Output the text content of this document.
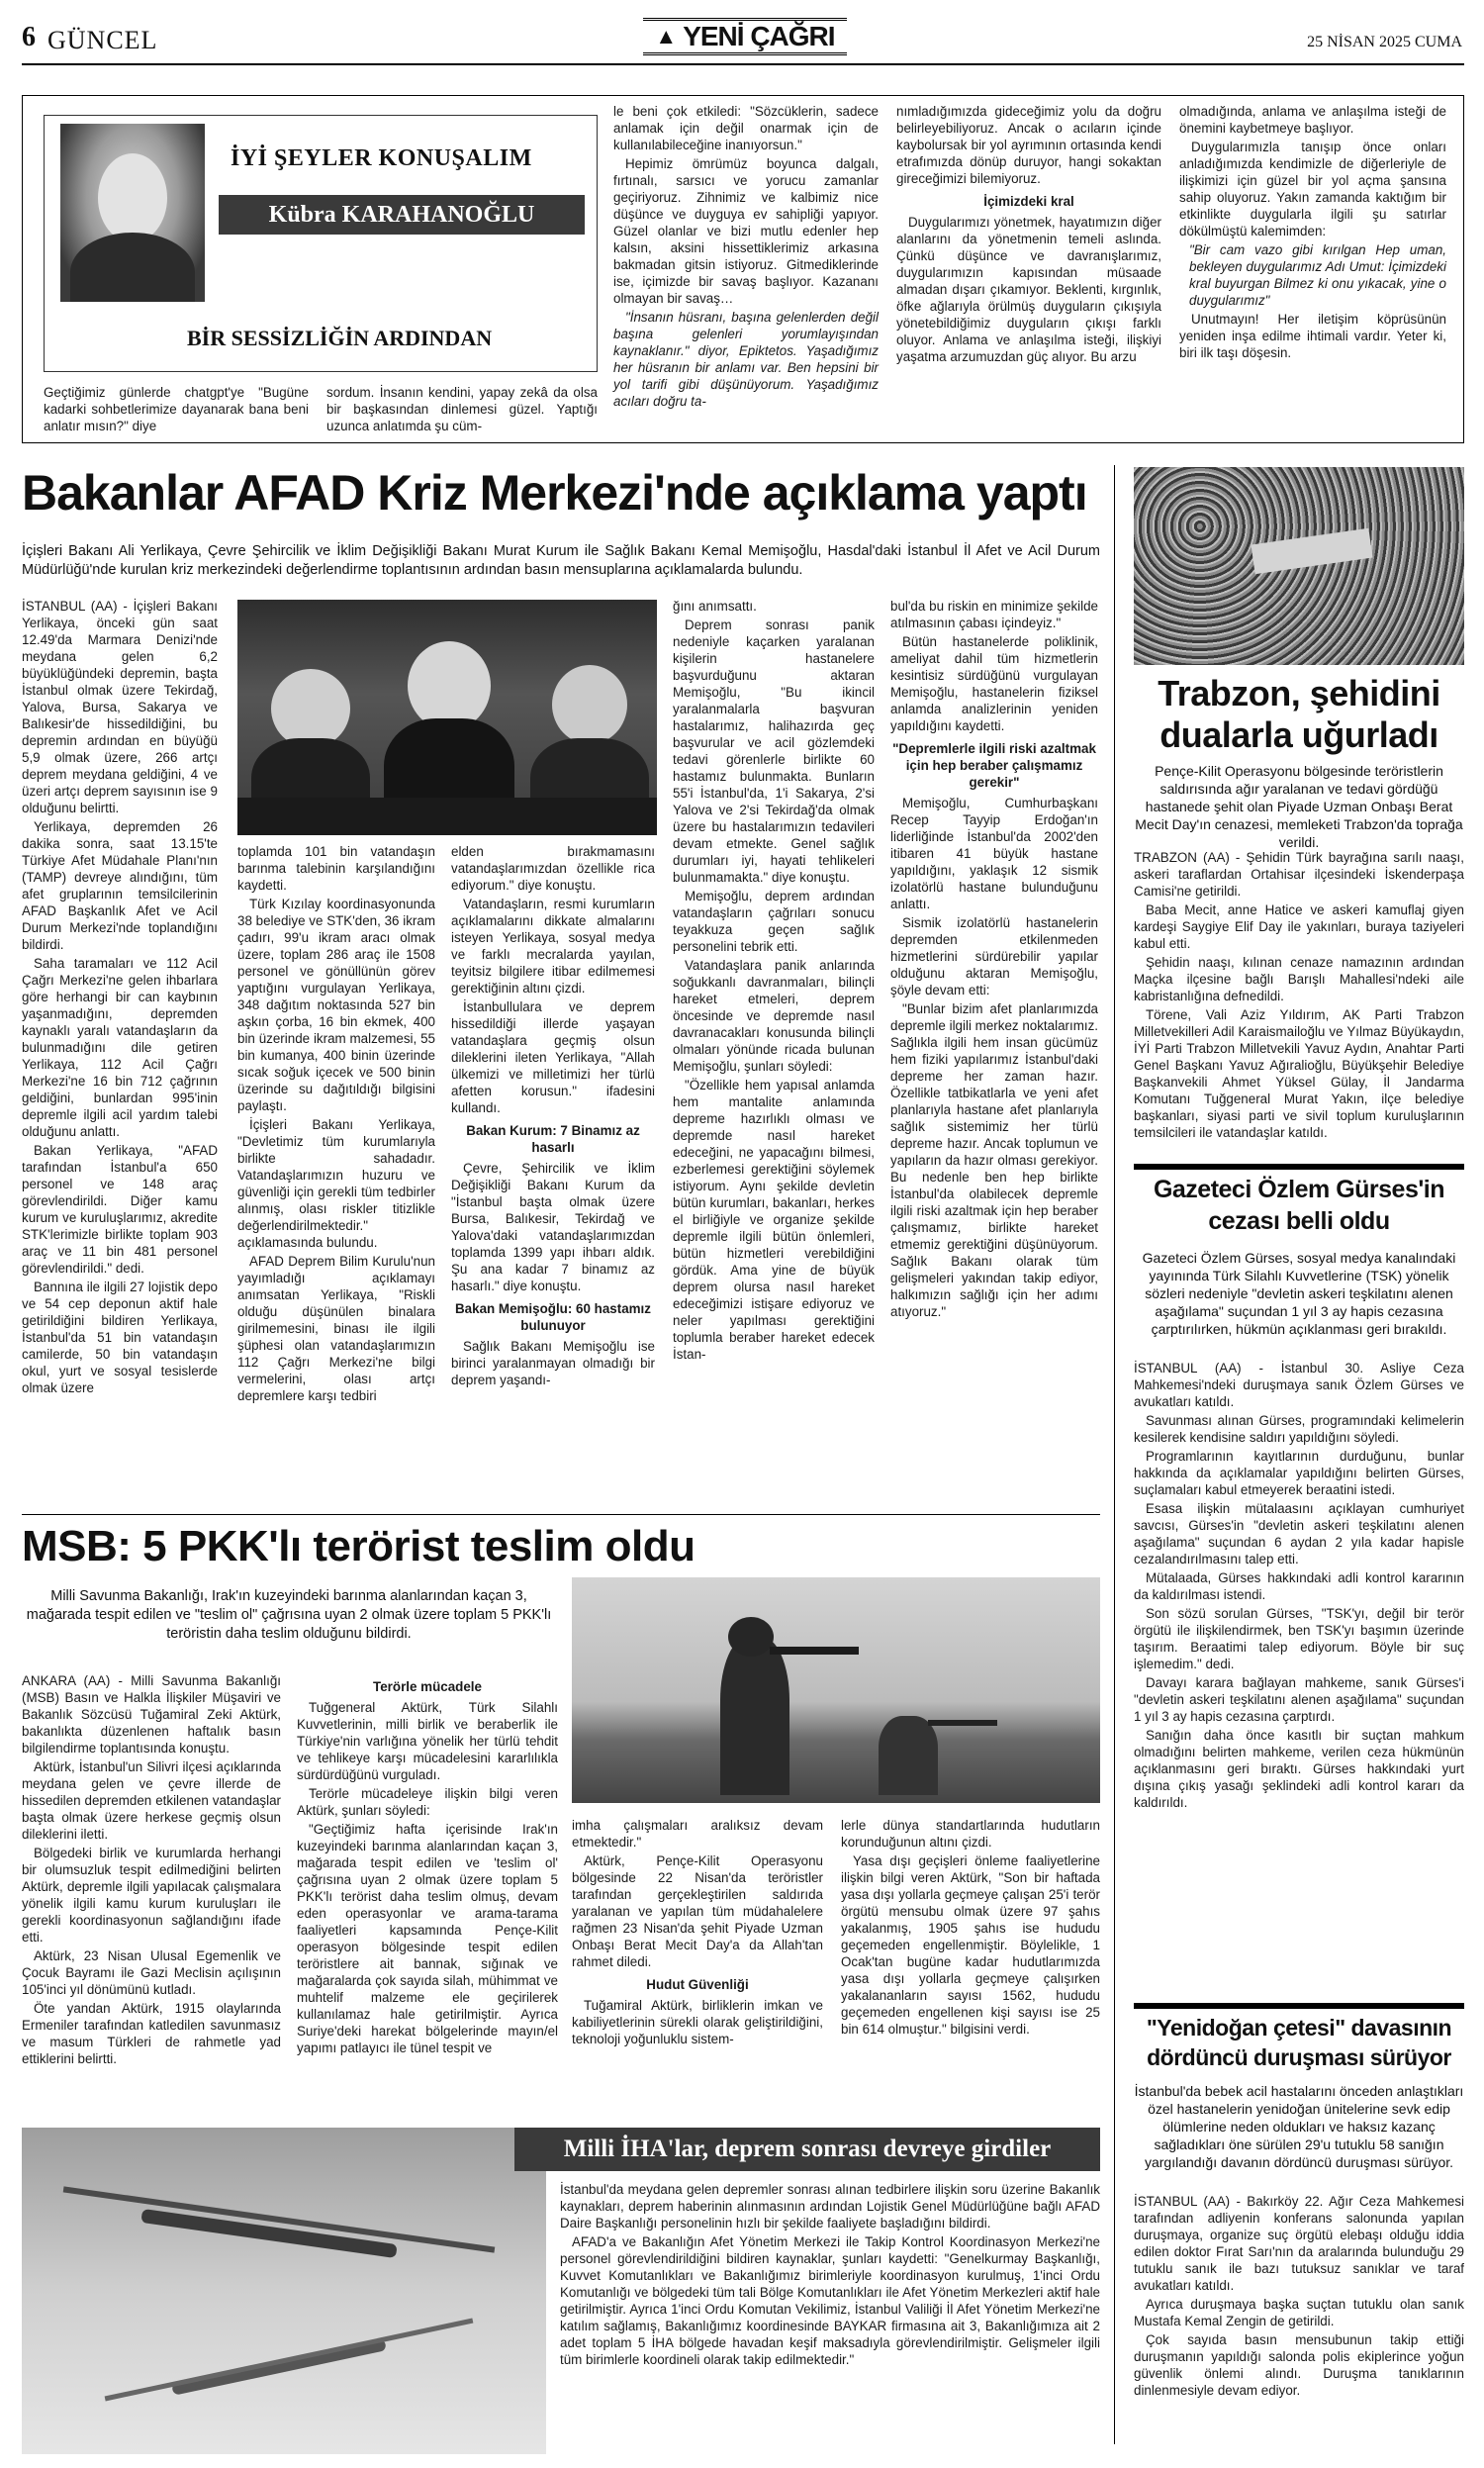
6 GÜNCEL	▲ YENİ ÇAĞRI	25 NİSAN 2025 CUMA
İYİ ŞEYLER KONUŞALIM
Kübra KARAHANOĞLU
BİR SESSİZLİĞİN ARDINDAN
Geçtiğimiz günlerde chatgpt'ye "Bugüne kadarki sohbetlerimize dayanarak bana beni anlatır mısın?" diye
sordum. İnsanın kendini, yapay zekâ da olsa bir başkasından dinlemesi güzel. Yaptığı uzunca anlatımda şu cüm-

le beni çok etkiledi: "Sözcüklerin, sadece anlamak için değil onarmak için de kullanılabileceğine inanıyorsun."

Hepimiz ömrümüz boyunca dalgalı, fırtınalı, sarsıcı ve yorucu zamanlar geçiriyoruz. Zihnimiz ve kalbimiz nice düşünce ve duyguya ev sahipliği yapıyor. Güzel olanlar ve bizi mutlu edenler hep kalsın, aksini hissettiklerimiz arkasına bakmadan gitsin istiyoruz. Gitmediklerinde ise, içimizde bir savaş başlıyor. Kazananı olmayan bir savaş…

"İnsanın hüsranı, başına gelenlerden değil başına gelenleri yorumlayışından kaynaklanır." diyor, Epiktetos. Yaşadığımız her hüsranın bir anlamı var. Ben hepsini bir yol tarifi gibi düşünüyorum. Yaşadığımız acıları doğru ta-

nımladığımızda gideceğimiz yolu da doğru belirleyebiliyoruz. Ancak o acıların içinde kaybolursak bir yol ayrımının ortasında kendi etrafımızda dönüp duruyor, hangi sokaktan gireceğimizi bilemiyoruz.

İçimizdeki kral

Duygularımızı yönetmek, hayatımızın diğer alanlarını da yönetmenin temeli aslında. Çünkü düşünce ve davranışlarımız, duygularımızın kapısından müsaade almadan dışarı çıkamıyor. Beklenti, kırgınlık, öfke ağlarıyla örülmüş duyguların çıkışıyla yönetebildiğimiz duyguların çıkışı farklı oluyor. Anlama ve anlaşılma isteği, ilişkiyi yaşatma arzumuzdan güç alıyor. Bu arzu

olmadığında, anlama ve anlaşılma isteği de önemini kaybetmeye başlıyor.

Duygularımızla tanışıp önce onları anladığımızda kendimizle de diğerleriyle de ilişkimizi için güzel bir yol açma şansına sahip oluyoruz. Yakın zamanda kaktığım bir etkinlikte duygularla ilgili şu satırlar dökülmüştü kalemimden:

"Bir cam vazo gibi kırılgan Hep uman, bekleyen duygularımız Adı Umut: İçimizdeki kral buyurgan Bilmez ki onu yıkacak, yine o duygularımız"

Unutmayın! Her iletişim köprüsünün yeniden inşa edilme ihtimali vardır. Yeter ki, biri ilk taşı döşesin.

Bakanlar AFAD Kriz Merkezi'nde açıklama yaptı
İçişleri Bakanı Ali Yerlikaya, Çevre Şehircilik ve İklim Değişikliği Bakanı Murat Kurum ile Sağlık Bakanı Kemal Memişoğlu, Hasdal'daki İstanbul İl Afet ve Acil Durum Müdürlüğü'nde kurulan kriz merkezindeki değerlendirme toplantısının ardından basın mensuplarına açıklamalarda bulundu.

İSTANBUL (AA) - İçişleri Bakanı Yerlikaya, önceki gün saat 12.49'da Marmara Denizi'nde meydana gelen 6,2 büyüklüğündeki depremin, başta İstanbul olmak üzere Tekirdağ, Yalova, Bursa, Sakarya ve Balıkesir'de hissedildiğini, bu depremin ardından en büyüğü 5,9 olmak üzere, 266 artçı deprem meydana geldiğini, 4 ve üzeri artçı deprem sayısının ise 9 olduğunu belirtti.

Yerlikaya, depremden 26 dakika sonra, saat 13.15'te Türkiye Afet Müdahale Planı'nın (TAMP) devreye alındığını, tüm afet gruplarının temsilcilerinin AFAD Başkanlık Afet ve Acil Durum Merkezi'nde toplandığını bildirdi.

Saha taramaları ve 112 Acil Çağrı Merkezi'ne gelen ihbarlara göre herhangi bir can kaybının yaşanmadığını, depremden kaynaklı yaralı vatandaşların da bulunmadığını dile getiren Yerlikaya, 112 Acil Çağrı Merkezi'ne 16 bin 712 çağrının geldiğini, bunlardan 995'inin depremle ilgili acil yardım talebi olduğunu anlattı.

Bakan Yerlikaya, "AFAD tarafından İstanbul'a 650 personel ve 148 araç görevlendirildi. Diğer kamu kurum ve kuruluşlarımız, akredite STK'lerimizle birlikte toplam 903 araç ve 11 bin 481 personel görevlendirildi." dedi.

Bannına ile ilgili 27 lojistik depo ve 54 cep deponun aktif hale getirildiğini bildiren Yerlikaya, İstanbul'da 51 bin vatandaşın camilerde, 50 bin vatandaşın okul, yurt ve sosyal tesislerde olmak üzere

toplamda 101 bin vatandaşın barınma talebinin karşılandığını kaydetti.

Türk Kızılay koordinasyonunda 38 belediye ve STK'den, 36 ikram çadırı, 99'u ikram aracı olmak üzere, toplam 286 araç ile 1508 personel ve gönüllünün görev yaptığını vurgulayan Yerlikaya, 348 dağıtım noktasında 527 bin aşkın çorba, 16 bin ekmek, 400 bin üzerinde ikram malzemesi, 55 bin kumanya, 400 binin üzerinde sıcak soğuk içecek ve 500 binin üzerinde su dağıtıldığı bilgisini paylaştı.

İçişleri Bakanı Yerlikaya, "Devletimiz tüm kurumlarıyla birlikte sahadadır. Vatandaşlarımızın huzuru ve güvenliği için gerekli tüm tedbirler alınmış, olası riskler titizlikle değerlendirilmektedir." açıklamasında bulundu.

AFAD Deprem Bilim Kurulu'nun yayımladığı açıklamayı anımsatan Yerlikaya, "Riskli olduğu düşünülen binalara girilmemesini, binası ile ilgili şüphesi olan vatandaşlarımızın 112 Çağrı Merkezi'ne bilgi vermelerini, olası artçı depremlere karşı tedbiri

elden bırakmamasını vatandaşlarımızdan özellikle rica ediyorum." diye konuştu.

Vatandaşların, resmi kurumların açıklamalarını dikkate almalarını isteyen Yerlikaya, sosyal medya ve farklı mecralarda yayılan, teyitsiz bilgilere itibar edilmemesi gerektiğinin altını çizdi.

İstanbullulara ve deprem hissedildiği illerde yaşayan vatandaşlara geçmiş olsun dileklerini ileten Yerlikaya, "Allah ülkemizi ve milletimizi her türlü afetten korusun." ifadesini kullandı.

Bakan Kurum: 7 Binamız az hasarlı

Çevre, Şehircilik ve İklim Değişikliği Bakanı Kurum da "İstanbul başta olmak üzere Bursa, Balıkesir, Tekirdağ ve Yalova'daki vatandaşlarımızdan toplamda 1399 yapı ihbarı aldık. Şu ana kadar 7 binamız az hasarlı." diye konuştu.

Bakan Memişoğlu: 60 hastamız bulunuyor

Sağlık Bakanı Memişoğlu ise birinci yaralanmayan olmadığı bir deprem yaşandı-

ğını anımsattı.

Deprem sonrası panik nedeniyle kaçarken yaralanan kişilerin hastanelere başvurduğunu aktaran Memişoğlu, "Bu ikincil yaralanmalarla başvuran hastalarımız, halihazırda geç başvurular ve acil gözlemdeki tedavi görenlerle birlikte 60 hastamız bulunmakta. Bunların 55'i İstanbul'da, 1'i Sakarya, 2'si Yalova ve 2'si Tekirdağ'da olmak üzere bu hastalarımızın tedavileri devam etmekte. Genel sağlık durumları iyi, hayati tehlikeleri bulunmamakta." diye konuştu.

Memişoğlu, deprem ardından vatandaşların çağrıları sonucu teyakkuza geçen sağlık personelini tebrik etti.

Vatandaşlara panik anlarında soğukkanlı davranmaları, bilinçli hareket etmeleri, deprem öncesinde ve depremde nasıl davranacakları konusunda bilinçli olmaları yönünde ricada bulunan Memişoğlu, şunları söyledi:

"Özellikle hem yapısal anlamda hem mantalite anlamında depreme hazırlıklı olması ve depremde nasıl hareket edeceğini, ne yapacağını bilmesi, ezberlemesi gerektiğini söylemek istiyorum. Aynı şekilde devletin bütün kurumları, bakanları, herkes el birliğiyle ve organize şekilde depremle ilgili bütün önlemleri, bütün hizmetleri verebildiğini gördük. Ama yine de büyük deprem olursa nasıl hareket edeceğimizi istişare ediyoruz ve neler yapılması gerektiğini toplumla beraber hareket edecek İstan-

bul'da bu riskin en minimize şekilde atılmasının çabası içindeyiz."

Bütün hastanelerde poliklinik, ameliyat dahil tüm hizmetlerin kesintisiz sürdüğünü vurgulayan Memişoğlu, hastanelerin fiziksel anlamda analizlerinin yeniden yapıldığını kaydetti.

"Depremlerle ilgili riski azaltmak için hep beraber çalışmamız gerekir"

Memişoğlu, Cumhurbaşkanı Recep Tayyip Erdoğan'ın liderliğinde İstanbul'da 2002'den itibaren 41 büyük hastane yapıldığını, yaklaşık 12 sismik izolatörlü hastane bulunduğunu anlattı.

Sismik izolatörlü hastanelerin depremden etkilenmeden hizmetlerini sürdürebilir yapılar olduğunu aktaran Memişoğlu, şöyle devam etti:

"Bunlar bizim afet planlarımızda depremle ilgili merkez noktalarımız. Sağlıkla ilgili hem insan gücümüz hem fiziki yapılarımız İstanbul'daki depreme her zaman hazır. Özellikle tatbikatlarla ve yeni afet planlarıyla hastane afet planlarıyla sağlık sistemimiz her türlü depreme hazır. Ancak toplumun ve yapıların da hazır olması gerekiyor. Bu nedenle ben hep birlikte İstanbul'da olabilecek depremle ilgili riski azaltmak için hep beraber çalışmamız, birlikte hareket etmemiz gerektiğini düşünüyorum. Sağlık Bakanı olarak tüm gelişmeleri yakından takip ediyor, halkımızın sağlığı için her adımı atıyoruz."

Trabzon, şehidini
dualarla uğurladı
Pençe-Kilit Operasyonu bölgesinde teröristlerin saldırısında ağır yaralanan ve tedavi gördüğü hastanede şehit olan Piyade Uzman Onbaşı Berat Mecit Day'ın cenazesi, memleketi Trabzon'da toprağa verildi.

TRABZON (AA) - Şehidin Türk bayrağına sarılı naaşı, askeri taraflardan Ortahisar ilçesindeki İskenderpaşa Camisi'ne getirildi.

Baba Mecit, anne Hatice ve askeri kamuflaj giyen kardeşi Saygiye Elif Day ile yakınları, buraya taziyeleri kabul etti.

Şehidin naaşı, kılınan cenaze namazının ardından Maçka ilçesine bağlı Barışlı Mahallesi'ndeki aile kabristanlığına defnedildi.

Törene, Vali Aziz Yıldırım, AK Parti Trabzon Milletvekilleri Adil Karaismailoğlu ve Yılmaz Büyükaydın, İYİ Parti Trabzon Milletvekili Yavuz Aydın, Anahtar Parti Genel Başkanı Yavuz Ağıralioğlu, Büyükşehir Belediye Başkanvekili Ahmet Yüksel Gülay, İl Jandarma Komutanı Tuğgeneral Murat Yakın, ilçe belediye başkanları, siyasi parti ve sivil toplum kuruluşlarının temsilcileri ile vatandaşlar katıldı.

Gazeteci Özlem Gürses'in
cezası belli oldu
Gazeteci Özlem Gürses, sosyal medya kanalındaki yayınında Türk Silahlı Kuvvetlerine (TSK) yönelik sözleri nedeniyle "devletin askeri teşkilatını alenen aşağılama" suçundan 1 yıl 3 ay hapis cezasına çarptırılırken, hükmün açıklanması geri bırakıldı.

İSTANBUL (AA) - İstanbul 30. Asliye Ceza Mahkemesi'ndeki duruşmaya sanık Özlem Gürses ve avukatları katıldı.

Savunması alınan Gürses, programındaki kelimelerin kesilerek kendisine saldırı yapıldığını söyledi.

Programlarının kayıtlarının durduğunu, bunlar hakkında da açıklamalar yapıldığını belirten Gürses, suçlamaları kabul etmeyerek beraatini istedi.

Esasa ilişkin mütalaasını açıklayan cumhuriyet savcısı, Gürses'in "devletin askeri teşkilatını alenen aşağılama" suçundan 6 aydan 2 yıla kadar hapisle cezalandırılmasını talep etti.

Mütalaada, Gürses hakkındaki adli kontrol kararının da kaldırılması istendi.

Son sözü sorulan Gürses, "TSK'yı, değil bir terör örgütü ile ilişkilendirmek, ben TSK'yı başımın üzerinde taşırım. Beraatimi talep ediyorum. Böyle bir suç işlemedim." dedi.

Davayı karara bağlayan mahkeme, sanık Gürses'i "devletin askeri teşkilatını alenen aşağılama" suçundan 1 yıl 3 ay hapis cezasına çarptırdı.

Sanığın daha önce kasıtlı bir suçtan mahkum olmadığını belirten mahkeme, verilen ceza hükmünün açıklanmasını geri bıraktı. Gürses hakkındaki yurt dışına çıkış yasağı şeklindeki adli kontrol kararı da kaldırıldı.

"Yenidoğan çetesi" davasının
dördüncü duruşması sürüyor
İstanbul'da bebek acil hastalarını önceden anlaştıkları özel hastanelerin yenidoğan ünitelerine sevk edip ölümlerine neden oldukları ve haksız kazanç sağladıkları öne sürülen 29'u tutuklu 58 sanığın yargılandığı davanın dördüncü duruşması sürüyor.

İSTANBUL (AA) - Bakırköy 22. Ağır Ceza Mahkemesi tarafından adliyenin konferans salonunda yapılan duruşmaya, organize suç örgütü elebaşı olduğu iddia edilen doktor Fırat Sarı'nın da aralarında bulunduğu 29 tutuklu sanık ile bazı tutuksuz sanıklar ve taraf avukatları katıldı.

Ayrıca duruşmaya başka suçtan tutuklu olan sanık Mustafa Kemal Zengin de getirildi.

Çok sayıda basın mensubunun takip ettiği duruşmanın yapıldığı salonda polis ekiplerince yoğun güvenlik önlemi alındı. Duruşma tanıklarının dinlenmesiyle devam ediyor.

MSB: 5 PKK'lı terörist teslim oldu
Milli Savunma Bakanlığı, Irak'ın kuzeyindeki barınma alanlarından kaçan 3, mağarada tespit edilen ve "teslim ol" çağrısına uyan 2 olmak üzere toplam 5 PKK'lı teröristin daha teslim olduğunu bildirdi.

ANKARA (AA) - Milli Savunma Bakanlığı (MSB) Basın ve Halkla İlişkiler Müşaviri ve Bakanlık Sözcüsü Tuğamiral Zeki Aktürk, bakanlıkta düzenlenen haftalık basın bilgilendirme toplantısında konuştu.

Aktürk, İstanbul'un Silivri ilçesi açıklarında meydana gelen ve çevre illerde de hissedilen depremden etkilenen vatandaşlar başta olmak üzere herkese geçmiş olsun dileklerini iletti.

Bölgedeki birlik ve kurumlarda herhangi bir olumsuzluk tespit edilmediğini belirten Aktürk, depremle ilgili yapılacak çalışmalara yönelik ilgili kamu kurum kuruluşları ile gerekli koordinasyonun sağlandığını ifade etti.

Aktürk, 23 Nisan Ulusal Egemenlik ve Çocuk Bayramı ile Gazi Meclisin açılışının 105'inci yıl dönümünü kutladı.

Öte yandan Aktürk, 1915 olaylarında Ermeniler tarafından katledilen savunmasız ve masum Türkleri de rahmetle yad ettiklerini belirtti.

Terörle mücadele

Tuğgeneral Aktürk, Türk Silahlı Kuvvetlerinin, milli birlik ve beraberlik ile Türkiye'nin varlığına yönelik her türlü tehdit ve tehlikeye karşı mücadelesini kararlılıkla sürdürdüğünü vurguladı.

Terörle mücadeleye ilişkin bilgi veren Aktürk, şunları söyledi:

"Geçtiğimiz hafta içerisinde Irak'ın kuzeyindeki barınma alanlarından kaçan 3, mağarada tespit edilen ve 'teslim ol' çağrısına uyan 2 olmak üzere toplam 5 PKK'lı terörist daha teslim olmuş, devam eden operasyonlar ve arama-tarama faaliyetleri kapsamında Pençe-Kilit operasyon bölgesinde tespit edilen teröristlere ait bannak, sığınak ve mağaralarda çok sayıda silah, mühimmat ve muhtelif malzeme ele geçirilerek kullanılamaz hale getirilmiştir. Ayrıca Suriye'deki harekat bölgelerinde mayın/el yapımı patlayıcı ile tünel tespit ve

imha çalışmaları aralıksız devam etmektedir."

Aktürk, Pençe-Kilit Operasyonu bölgesinde 22 Nisan'da teröristler tarafından gerçekleştirilen saldırıda yaralanan ve yapılan tüm müdahalelere rağmen 23 Nisan'da şehit Piyade Uzman Onbaşı Berat Mecit Day'a da Allah'tan rahmet diledi.

Hudut Güvenliği

Tuğamiral Aktürk, birliklerin imkan ve kabiliyetlerinin sürekli olarak geliştirildiğini, teknoloji yoğunluklu sistem-

lerle dünya standartlarında hudutların korunduğunun altını çizdi.

Yasa dışı geçişleri önleme faaliyetlerine ilişkin bilgi veren Aktürk, "Son bir haftada yasa dışı yollarla geçmeye çalışan 25'i terör örgütü mensubu olmak üzere 97 şahıs yakalanmış, 1905 şahıs ise hududu geçemeden engellenmiştir. Böylelikle, 1 Ocak'tan bugüne kadar hudutlarımızda yasa dışı yollarla geçmeye çalışırken yakalananların sayısı 1562, hududu geçemeden engellenen kişi sayısı ise 25 bin 614 olmuştur." bilgisini verdi.

Milli İHA'lar, deprem sonrası devreye girdiler

İstanbul'da meydana gelen depremler sonrası alınan tedbirlere ilişkin soru üzerine Bakanlık kaynakları, deprem haberinin alınmasının ardından Lojistik Genel Müdürlüğüne bağlı AFAD Daire Başkanlığı personelinin hızlı bir şekilde faaliyete başladığını bildirdi.

AFAD'a ve Bakanlığın Afet Yönetim Merkezi ile Takip Kontrol Koordinasyon Merkezi'ne personel görevlendirildiğini bildiren kaynaklar, şunları kaydetti: "Genelkurmay Başkanlığı, Kuvvet Komutanlıkları ve Bakanlığımız birimleriyle koordinasyon kurulmuş, 1'inci Ordu Komutanlığı ve bölgedeki tüm tali Bölge Komutanlıkları ile Afet Yönetim Merkezleri aktif hale getirilmiştir. Ayrıca 1'inci Ordu Komutan Vekilimiz, İstanbul Valiliği İl Afet Yönetim Merkezi'ne katılım sağlamış, Bakanlığımız koordinesinde BAYKAR firmasına ait 3, Bakanlığımıza ait 2 adet toplam 5 İHA bölgede havadan keşif maksadıyla görevlendirilmiştir. Gelişmeler ilgili tüm birimlerle koordineli olarak takip edilmektedir."
